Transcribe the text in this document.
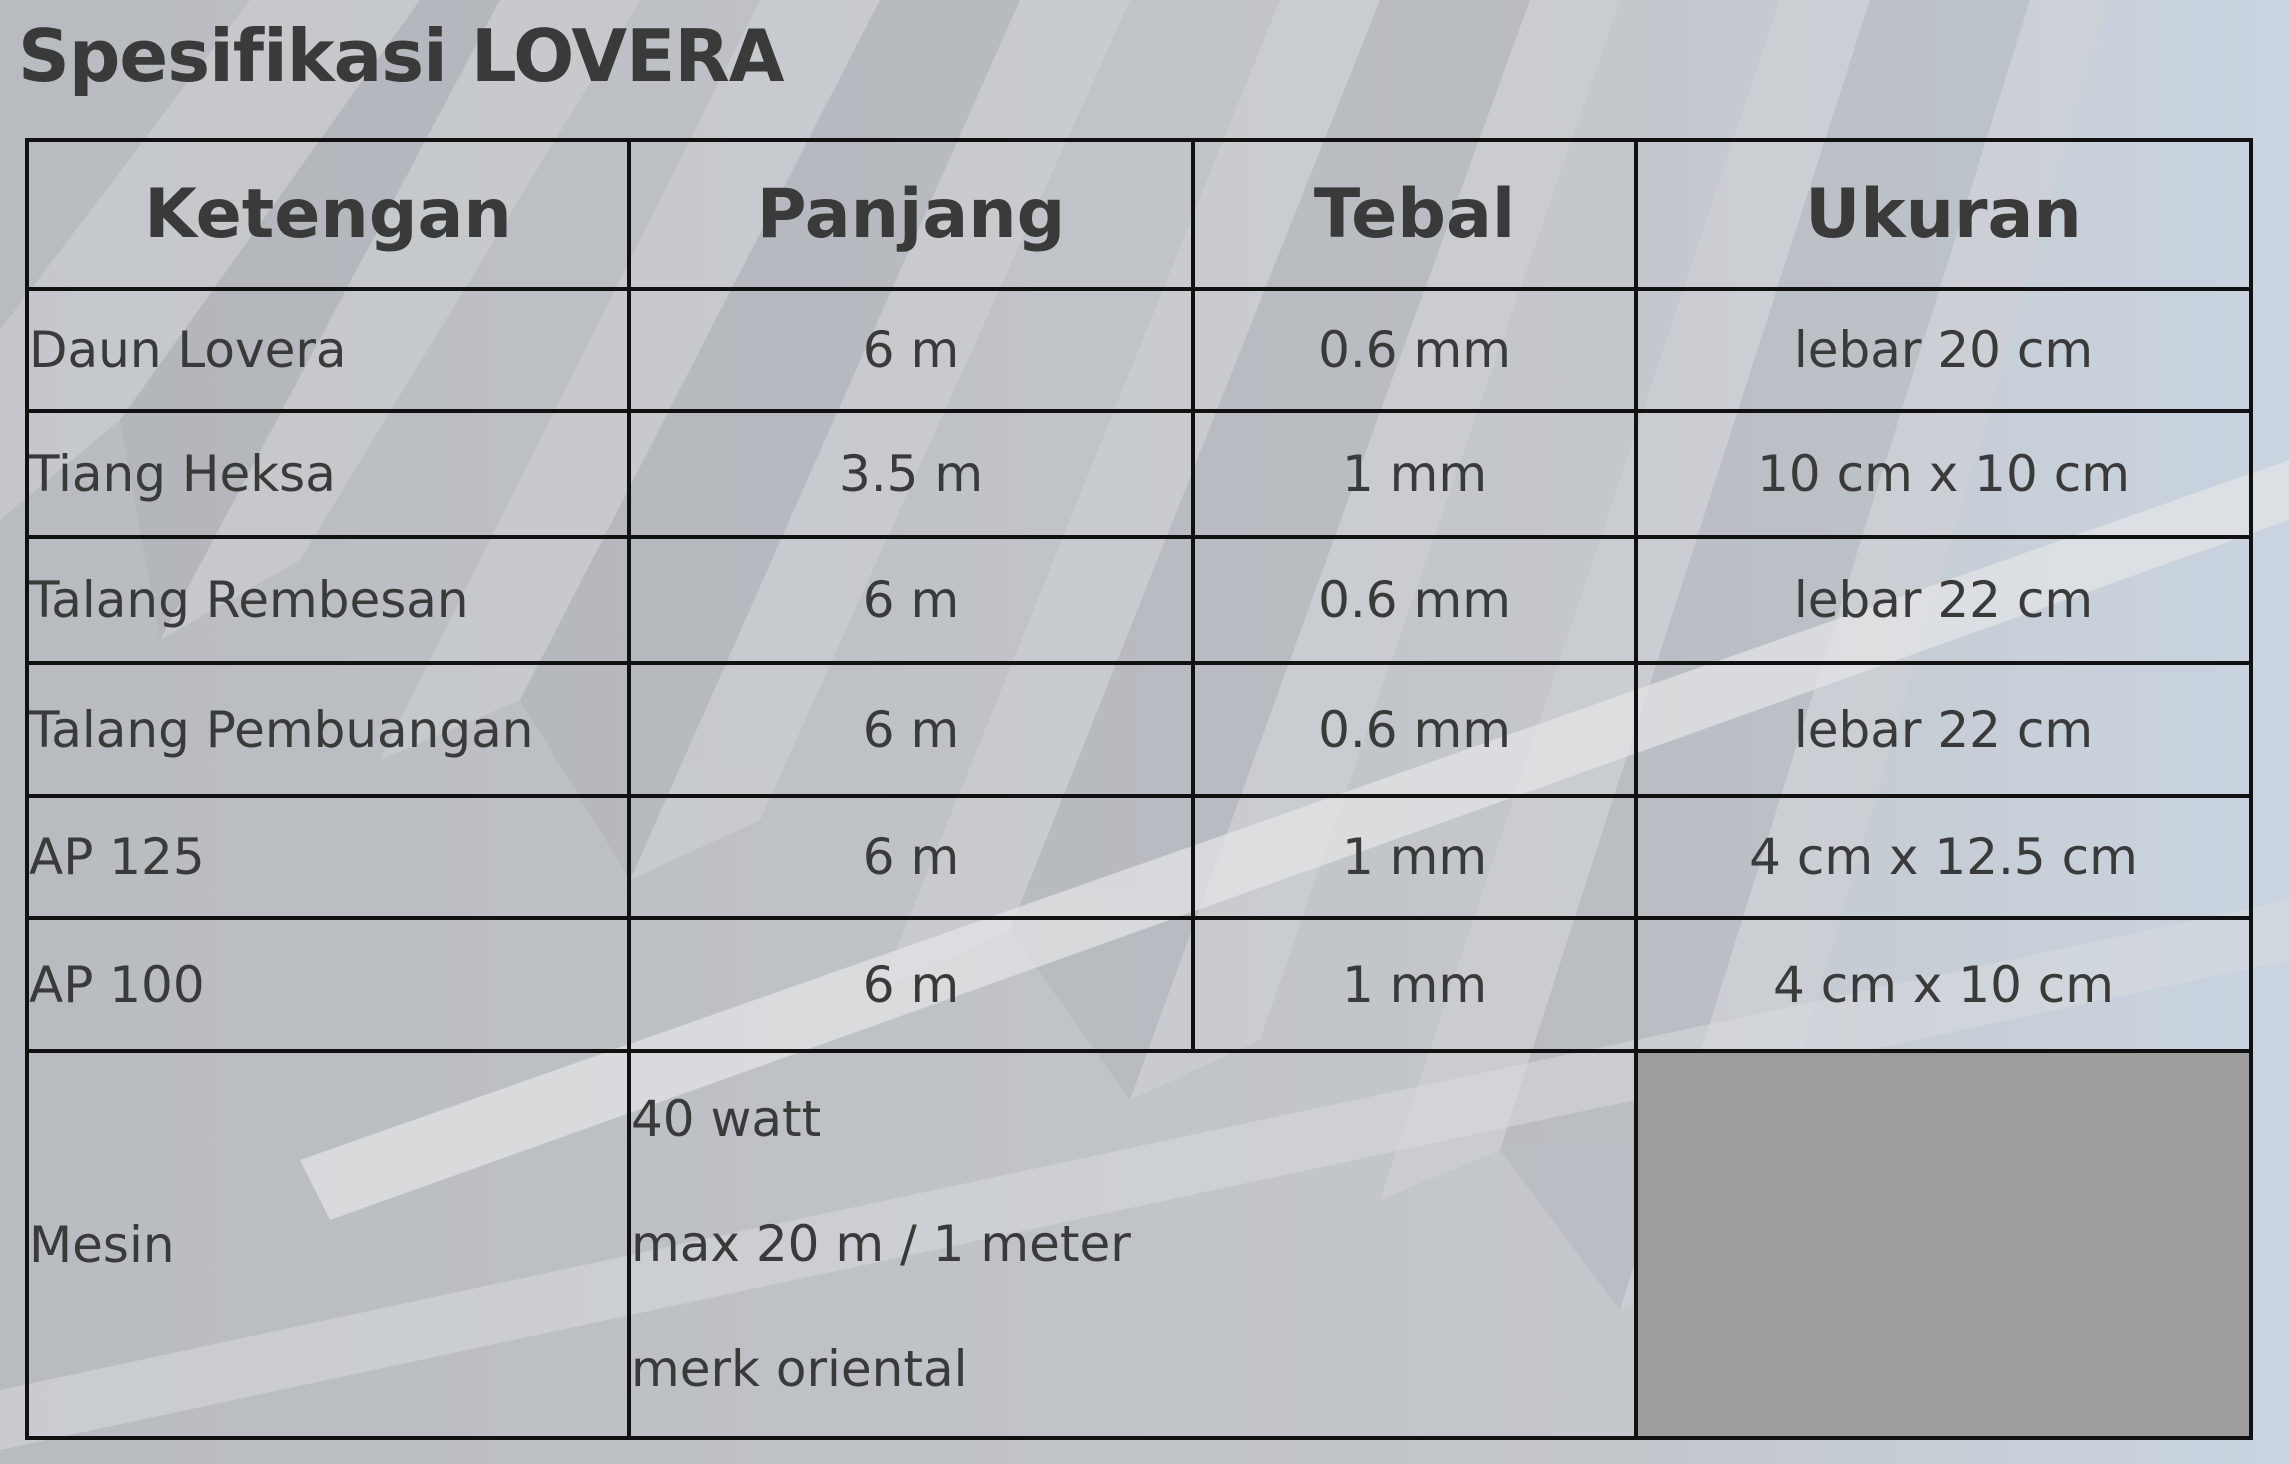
Spesifikasi LOVERA
Ketengan	Panjang	Tebal	Ukuran
Daun Lovera	6 m	0.6 mm	lebar 20 cm
Tiang Heksa	3.5 m	1 mm	10 cm x 10 cm
Talang Rembesan	6 m	0.6 mm	lebar 22 cm
Talang Pembuangan	6 m	0.6 mm	lebar 22 cm
AP 125	6 m	1 mm	4 cm x 12.5 cm
AP 100	6 m	1 mm	4 cm x 10 cm
Mesin	40 watt
max 20 m / 1 meter
merk oriental		
